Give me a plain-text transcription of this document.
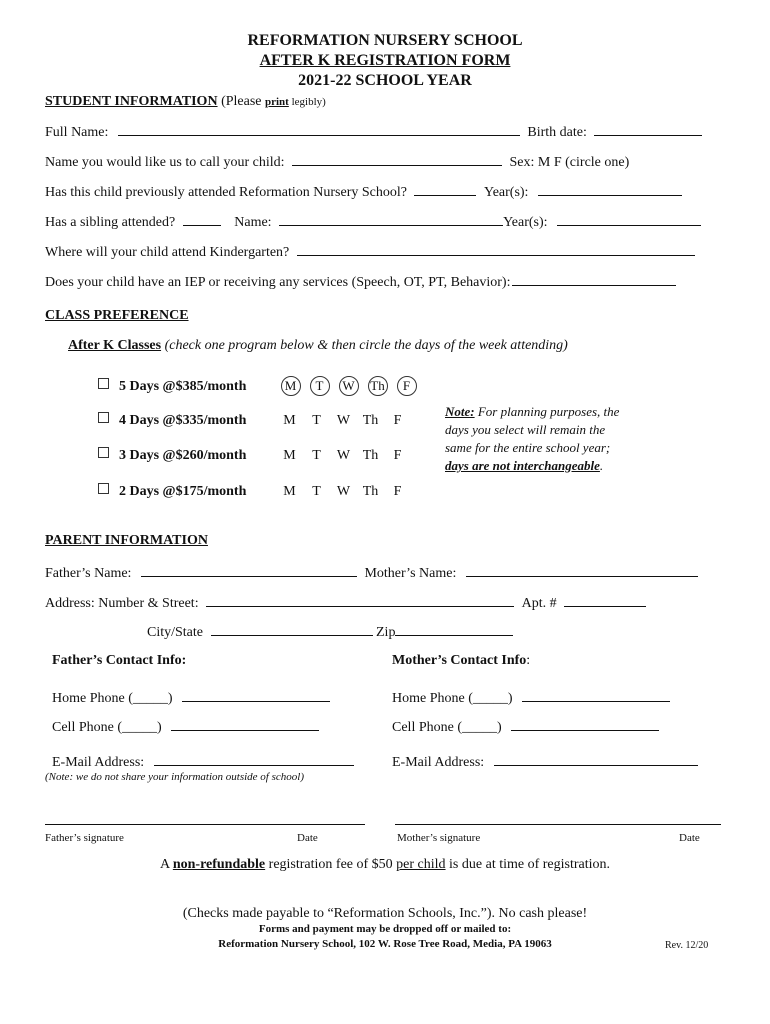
REFORMATION NURSERY SCHOOL
AFTER K REGISTRATION FORM
2021-22 SCHOOL YEAR
STUDENT INFORMATION (Please print legibly)
Full Name:	Birth date:
Name you would like us to call your child:	Sex: M F (circle one)
Has this child previously attended Reformation Nursery School?	Year(s):
Has a sibling attended?	Name:	Year(s):
Where will your child attend Kindergarten?
Does your child have an IEP or receiving any services (Speech, OT, PT, Behavior):
CLASS PREFERENCE
After K Classes (check one program below & then circle the days of the week attending)
5 Days @$385/month	M T W Th F
4 Days @$335/month	M T W Th F
3 Days @$260/month	M T W Th F
2 Days @$175/month	M T W Th F
Note: For planning purposes, the
days you select will remain the
same for the entire school year;
days are not interchangeable.
PARENT INFORMATION
Father’s Name:	Mother’s Name:
Address: Number & Street:	Apt. #
City/State	Zip
Father’s Contact Info:	Mother’s Contact Info:
Home Phone (_____)	Home Phone (_____)
Cell Phone (_____)	Cell Phone (_____)
E-Mail Address:	E-Mail Address:
(Note: we do not share your information outside of school)
Father’s signature	Date	Mother’s signature	Date
A non-refundable registration fee of $50 per child is due at time of registration.
(Checks made payable to “Reformation Schools, Inc.”). No cash please!
Forms and payment may be dropped off or mailed to:
Reformation Nursery School, 102 W. Rose Tree Road, Media, PA 19063	Rev. 12/20
